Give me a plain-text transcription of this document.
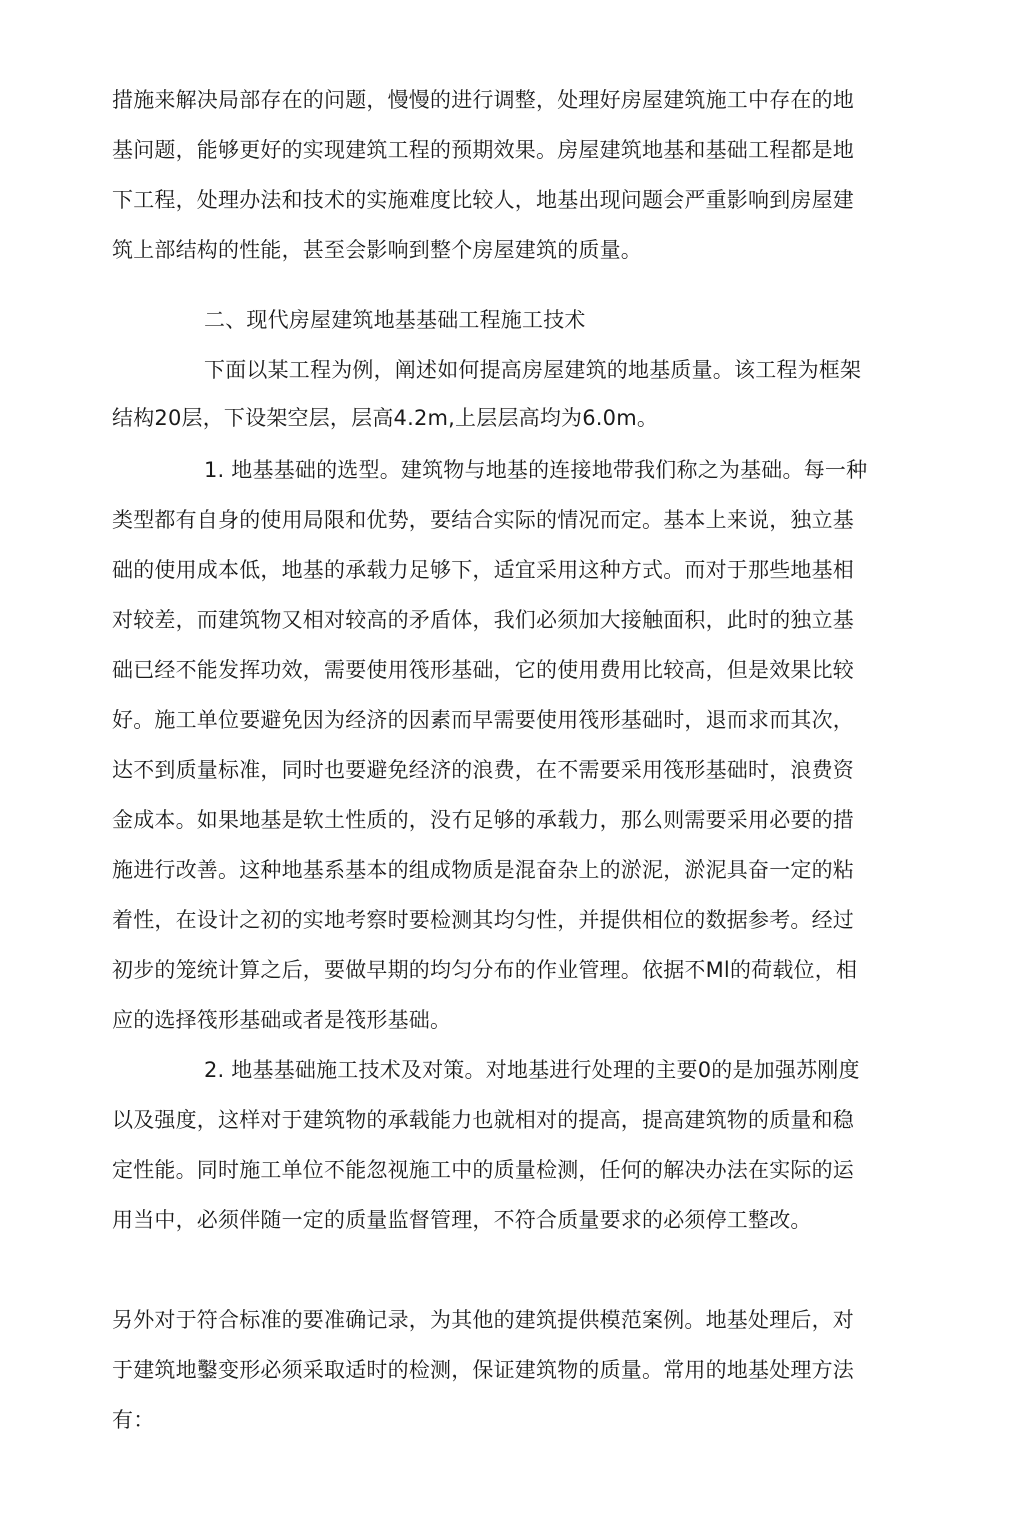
措施来解决局部存在的问题，慢慢的进行调整，处理好房屋建筑施工中存在的地
基问题，能够更好的实现建筑工程的预期效果。房屋建筑地基和基础工程都是地
下工程，处理办法和技术的实施难度比较人，地基出现问题会严重影响到房屋建
筑上部结构的性能，甚至会影响到整个房屋建筑的质量。
二、现代房屋建筑地基基础工程施工技术
下面以某工程为例，阐述如何提高房屋建筑的地基质量。该工程为框架
结构20层，下设架空层，层高4.2m,上层层高均为6.0m。
1. 地基基础的选型。建筑物与地基的连接地带我们称之为基础。每一种
类型都有自身的使用局限和优势，要结合实际的情况而定。基本上来说，独立基
础的使用成本低，地基的承载力足够下，适宜采用这种方式。而对于那些地基相
对较差，而建筑物又相对较高的矛盾体，我们必须加大接触面积，此时的独立基
础已经不能发挥功效，需要使用筏形基础，它的使用费用比较高，但是效果比较
好。施工单位要避免因为经济的因素而早需要使用筏形基础时，退而求而其次，
达不到质量标准，同时也要避免经济的浪费，在不需要采用筏形基础时，浪费资
金成本。如果地基是软土性质的，没冇足够的承载力，那么则需要采用必要的措
施进行改善。这种地基系基本的组成物质是混奋杂上的淤泥，淤泥具奋一定的粘
着性，在设计之初的实地考察时要检测其均匀性，并提供相位的数据参考。经过
初步的笼统计算之后，要做早期的均匀分布的作业管理。依据不Ml的荷载位，相
应的选择筏形基础或者是筏形基础。
2. 地基基础施工技术及对策。对地基进行处理的主要0的是加强苏刚度
以及强度，这样对于建筑物的承载能力也就相对的提高，提高建筑物的质量和稳
定性能。同时施工单位不能忽视施工中的质量检测，任何的解决办法在实际的运
用当中，必须伴随一定的质量监督管理，不符合质量要求的必须停工整改。
另外对于符合标准的要准确记录，为其他的建筑提供模范案例。地基处理后，对
于建筑地鑿变形必须采取适时的检测，保证建筑物的质量。常用的地基处理方法
有：
